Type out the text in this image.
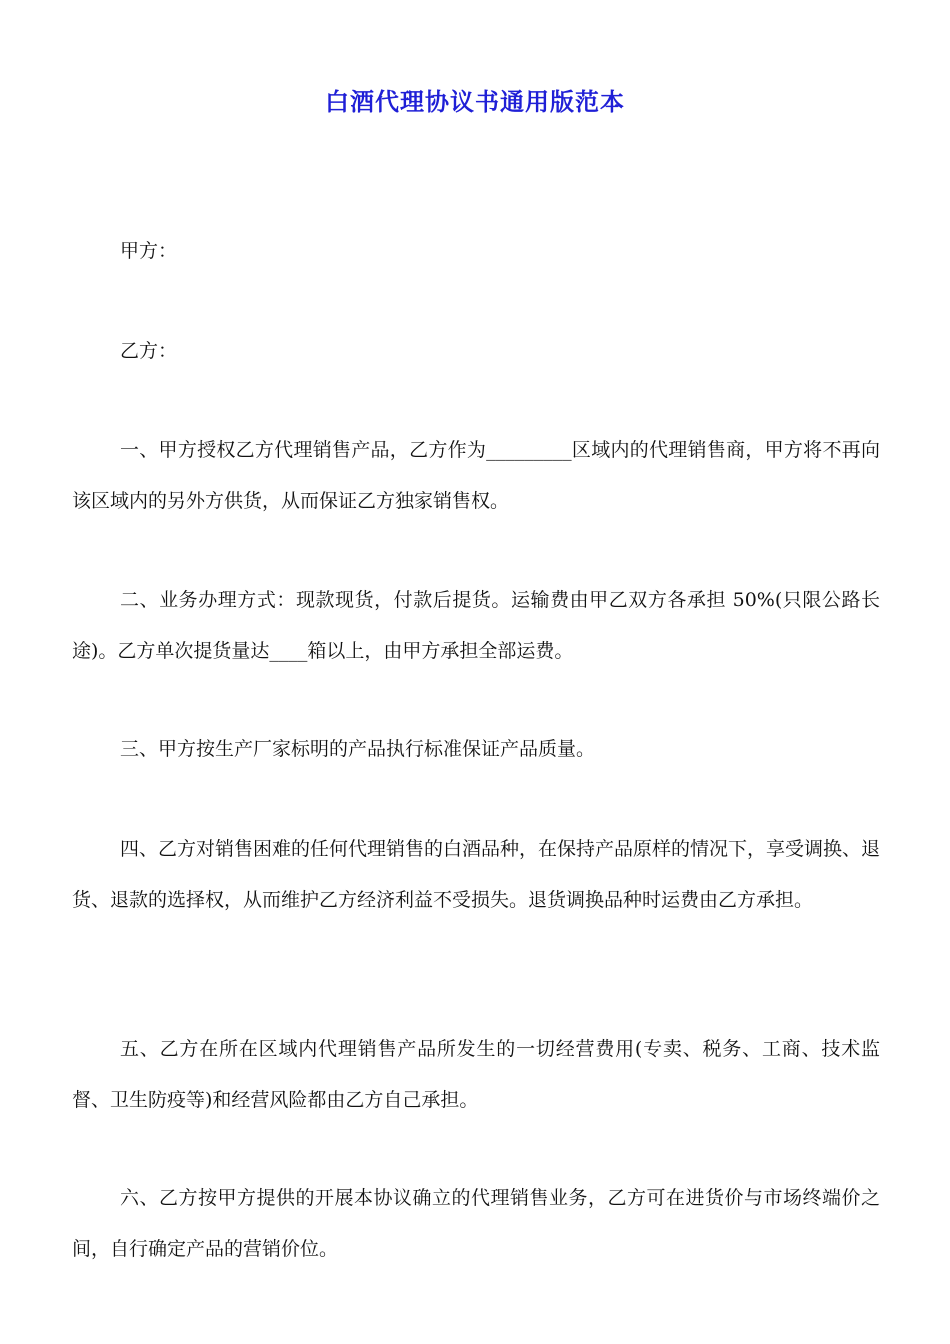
白酒代理协议书通用版范本
甲方：
乙方：
一、甲方授权乙方代理销售产品，乙方作为_________区域内的代理销售商，甲方将不再向该区域内的另外方供货，从而保证乙方独家销售权。
二、业务办理方式：现款现货，付款后提货。运输费由甲乙双方各承担 50%(只限公路长途)。乙方单次提货量达____箱以上，由甲方承担全部运费。
三、甲方按生产厂家标明的产品执行标准保证产品质量。
四、乙方对销售困难的任何代理销售的白酒品种，在保持产品原样的情况下，享受调换、退货、退款的选择权，从而维护乙方经济利益不受损失。退货调换品种时运费由乙方承担。
五、乙方在所在区域内代理销售产品所发生的一切经营费用(专卖、税务、工商、技术监督、卫生防疫等)和经营风险都由乙方自己承担。
六、乙方按甲方提供的开展本协议确立的代理销售业务，乙方可在进货价与市场终端价之间，自行确定产品的营销价位。
